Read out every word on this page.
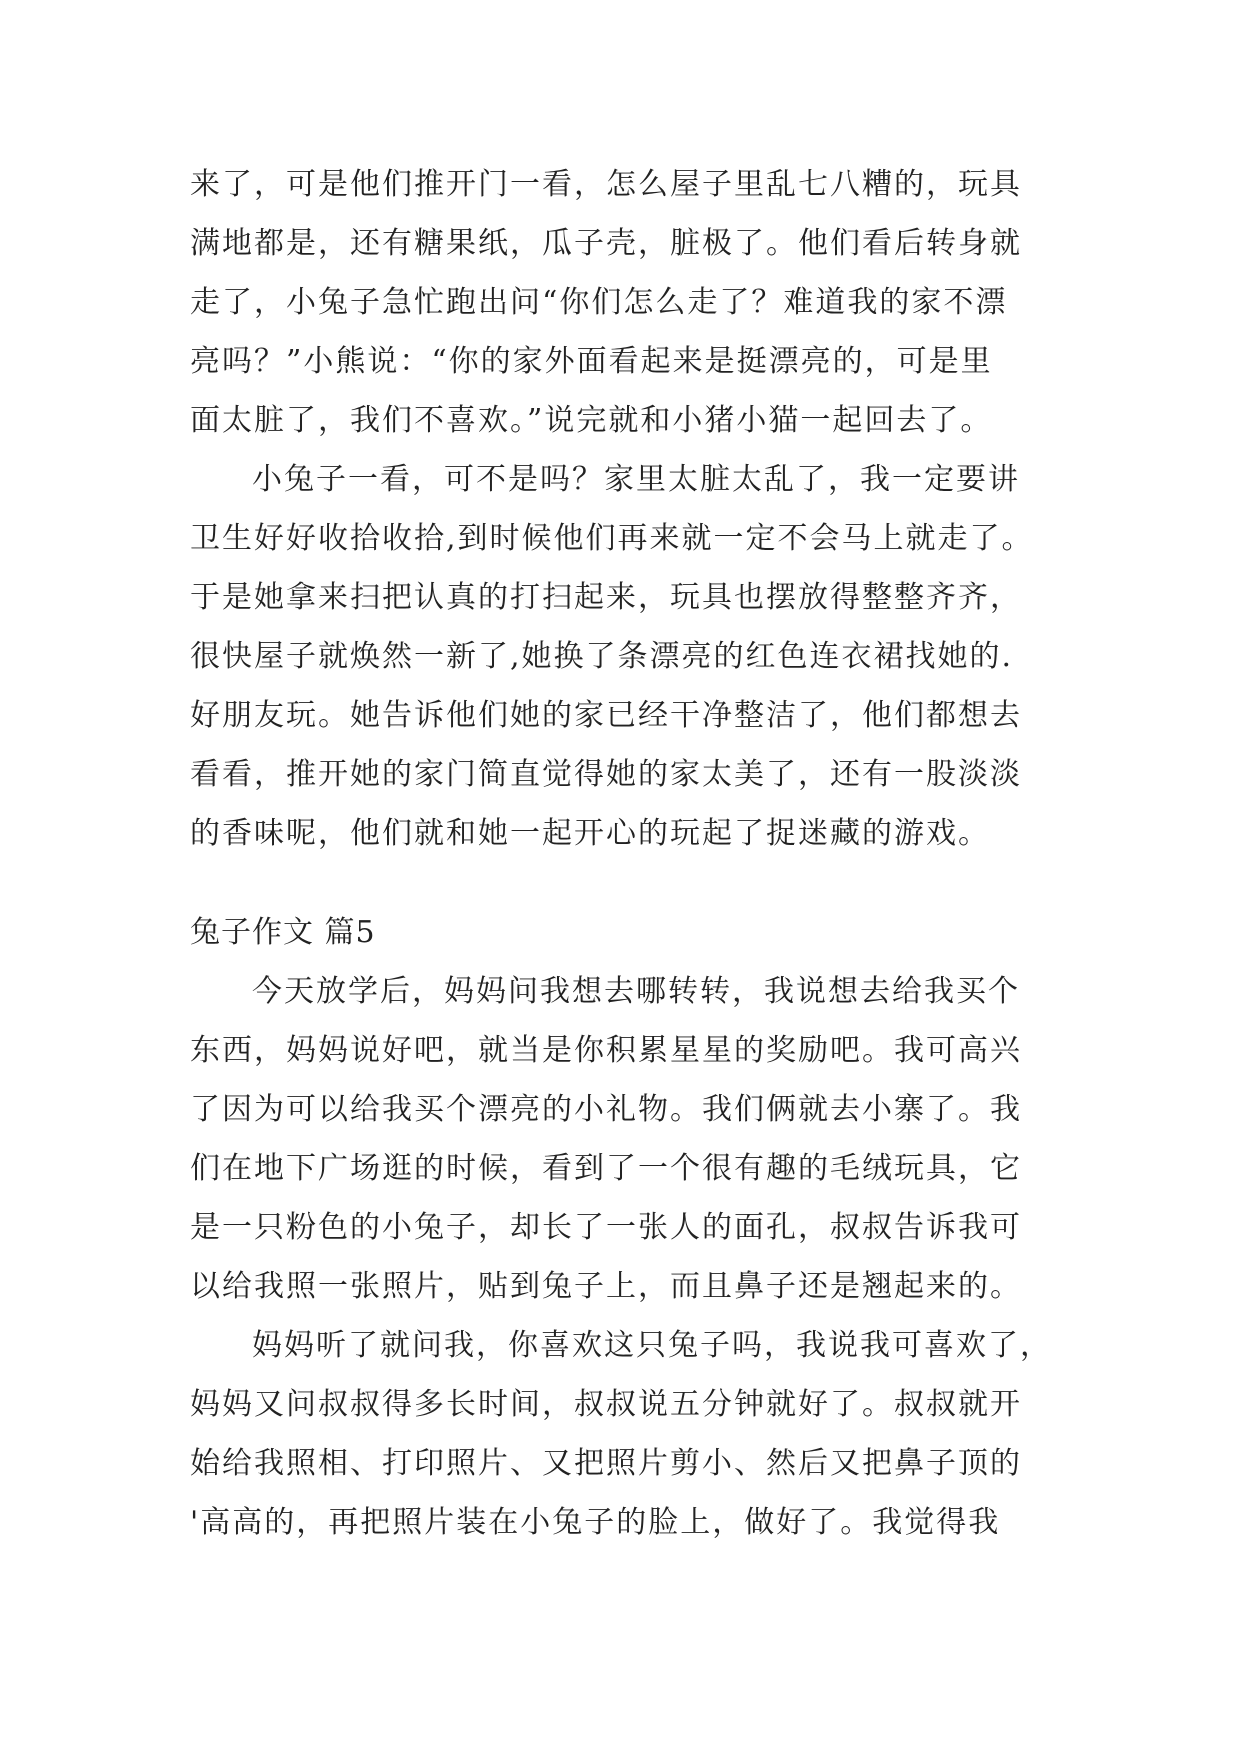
来了，可是他们推开门一看，怎么屋子里乱七八糟的，玩具
满地都是，还有糖果纸，瓜子壳，脏极了。他们看后转身就
走了，小兔子急忙跑出问“你们怎么走了？难道我的家不漂
亮吗？”小熊说：“你的家外面看起来是挺漂亮的，可是里
面太脏了，我们不喜欢。”说完就和小猪小猫一起回去了。
小兔子一看，可不是吗？家里太脏太乱了，我一定要讲
卫生好好收拾收拾,到时候他们再来就一定不会马上就走了。
于是她拿来扫把认真的打扫起来，玩具也摆放得整整齐齐，
很快屋子就焕然一新了,她换了条漂亮的红色连衣裙找她的.
好朋友玩。她告诉他们她的家已经干净整洁了，他们都想去
看看，推开她的家门简直觉得她的家太美了，还有一股淡淡
的香味呢，他们就和她一起开心的玩起了捉迷藏的游戏。
兔子作文 篇5
今天放学后，妈妈问我想去哪转转，我说想去给我买个
东西，妈妈说好吧，就当是你积累星星的奖励吧。我可高兴
了因为可以给我买个漂亮的小礼物。我们俩就去小寨了。我
们在地下广场逛的时候，看到了一个很有趣的毛绒玩具，它
是一只粉色的小兔子，却长了一张人的面孔，叔叔告诉我可
以给我照一张照片，贴到兔子上，而且鼻子还是翘起来的。
妈妈听了就问我，你喜欢这只兔子吗，我说我可喜欢了，
妈妈又问叔叔得多长时间，叔叔说五分钟就好了。叔叔就开
始给我照相、打印照片、又把照片剪小、然后又把鼻子顶的
'高高的，再把照片装在小兔子的脸上，做好了。我觉得我
